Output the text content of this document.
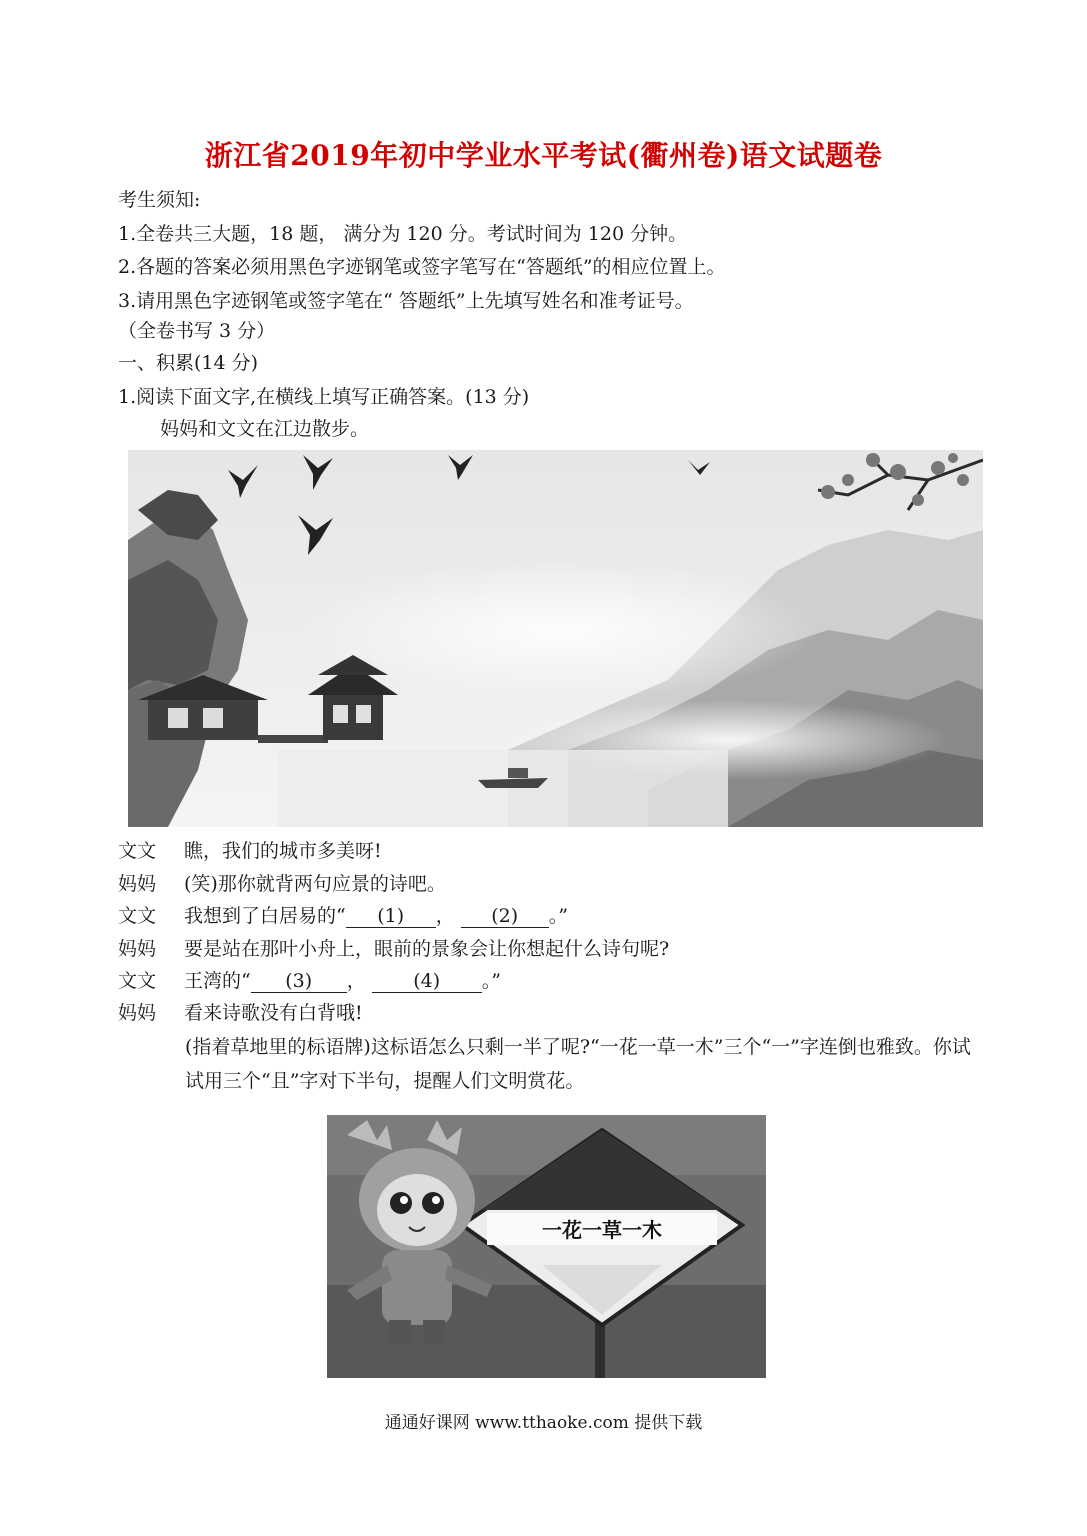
浙江省2019年初中学业水平考试(衢州卷)语文试题卷
考生须知:
1.全卷共三大题，18 题， 满分为 120 分。考试时间为 120 分钟。
2.各题的答案必须用黑色字迹钢笔或签字笔写在“答题纸”的相应位置上。
3.请用黑色字迹钢笔或签字笔在“ 答题纸”上先填写姓名和准考证号。
（全卷书写 3 分）
一、积累(14 分)
1.阅读下面文字,在横线上填写正确答案。(13 分)
妈妈和文文在江边散步。
文文 瞧，我们的城市多美呀!
妈妈 (笑)那你就背两句应景的诗吧。
文文 我想到了白居易的“ (1) ， (2) 。”
妈妈 要是站在那叶小舟上，眼前的景象会让你想起什么诗句呢?
文文 王湾的“ (3) ，	(4) 。”
妈妈 看来诗歌没有白背哦!
(指着草地里的标语牌)这标语怎么只剩一半了呢?“一花一草一木”三个“一”字连倒也雅致。你试试用三个“且”字对下半句，提醒人们文明赏花。
一花一草一木
通通好课网 www.tthaoke.com 提供下载
